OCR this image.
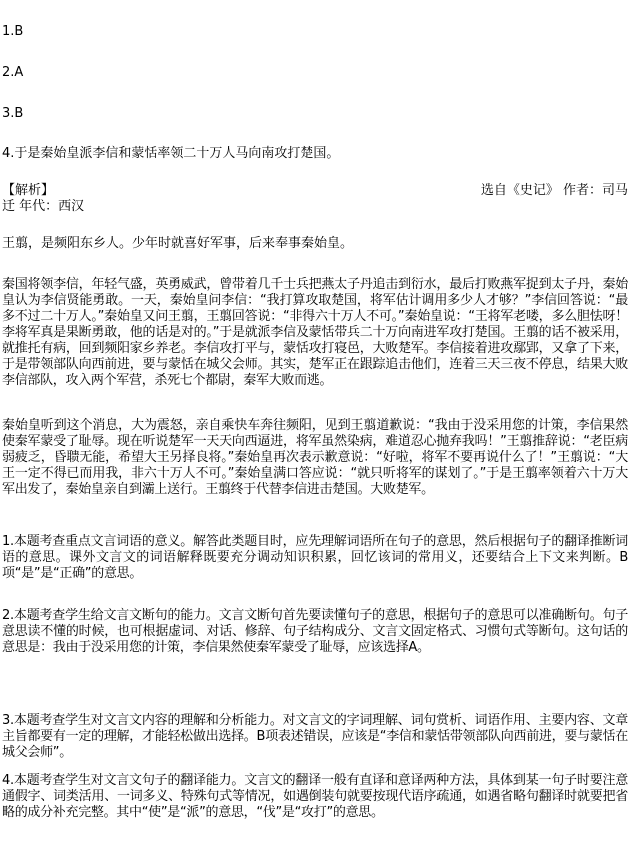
1.B
2.A
3.B
4.于是秦始皇派李信和蒙恬率领二十万人马向南攻打楚国。
【解析】	选自《史记》 作者：司马
迁 年代：西汉
王翦，是频阳东乡人。少年时就喜好军事，后来奉事秦始皇。
秦国将领李信，年轻气盛，英勇威武，曾带着几千士兵把燕太子丹追击到衍水，最后打败燕军捉到太子丹，秦始皇认为李信贤能勇敢。一天，秦始皇问李信：“我打算攻取楚国，将军估计调用多少人才够？”李信回答说：“最多不过二十万人。”秦始皇又问王翦，王翦回答说：“非得六十万人不可。”秦始皇说：“王将军老喽，多么胆怯呀！李将军真是果断勇敢，他的话是对的。”于是就派李信及蒙恬带兵二十万向南进军攻打楚国。王翦的话不被采用，就推托有病，回到频阳家乡养老。李信攻打平与，蒙恬攻打寝邑，大败楚军。李信接着进攻鄢郢，又拿了下来，于是带领部队向西前进，要与蒙恬在城父会师。其实，楚军正在跟踪追击他们，连着三天三夜不停息，结果大败李信部队，攻入两个军营，杀死七个都尉，秦军大败而逃。
秦始皇听到这个消息，大为震怒，亲自乘快车奔往频阳，见到王翦道歉说：“我由于没采用您的计策，李信果然使秦军蒙受了耻辱。现在听说楚军一天天向西逼进，将军虽然染病，难道忍心抛弃我吗！”王翦推辞说：“老臣病弱疲乏，昏聩无能，希望大王另择良将。”秦始皇再次表示歉意说：“好啦，将军不要再说什么了！”王翦说：“大王一定不得已而用我，非六十万人不可。”秦始皇满口答应说：“就只听将军的谋划了。”于是王翦率领着六十万大军出发了，秦始皇亲自到灞上送行。王翦终于代替李信进击楚国。大败楚军。
1.本题考查重点文言词语的意义。解答此类题目时，应先理解词语所在句子的意思，然后根据句子的翻译推断词语的意思。课外文言文的词语解释既要充分调动知识积累，回忆该词的常用义，还要结合上下文来判断。B项“是”是“正确”的意思。
2.本题考查学生给文言文断句的能力。文言文断句首先要读懂句子的意思，根据句子的意思可以准确断句。句子意思读不懂的时候，也可根据虚词、对话、修辞、句子结构成分、文言文固定格式、习惯句式等断句。这句话的意思是：我由于没采用您的计策，李信果然使秦军蒙受了耻辱，应该选择A。
3.本题考查学生对文言文内容的理解和分析能力。对文言文的字词理解、词句赏析、词语作用、主要内容、文章主旨都要有一定的理解，才能轻松做出选择。B项表述错误，应该是“李信和蒙恬带领部队向西前进，要与蒙恬在城父会师”。
4.本题考查学生对文言文句子的翻译能力。文言文的翻译一般有直译和意译两种方法，具体到某一句子时要注意通假字、词类活用、一词多义、特殊句式等情况，如遇倒装句就要按现代语序疏通，如遇省略句翻译时就要把省略的成分补充完整。其中“使”是“派”的意思，“伐”是“攻打”的意思。
